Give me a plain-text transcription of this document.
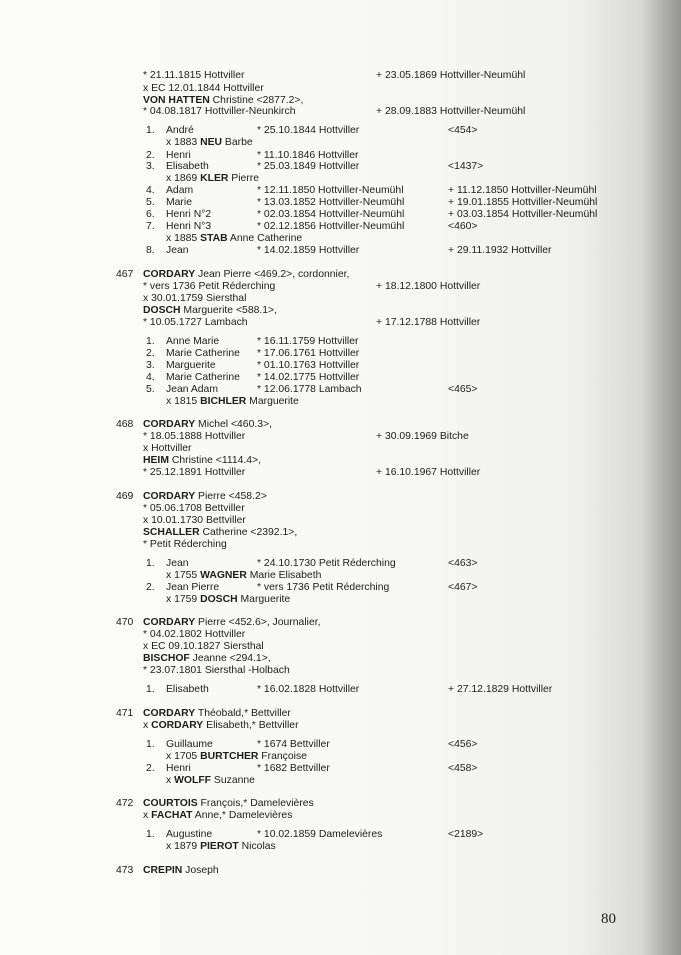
* 21.11.1815 Hottviller	+ 23.05.1869 Hottviller-Neumühl
x EC 12.01.1844 Hottviller
VON HATTEN Christine <2877.2>,
* 04.08.1817 Hottviller-Neunkirch	+ 28.09.1883 Hottviller-Neumühl
1. André	* 25.10.1844 Hottviller	<454>
x 1883 NEU Barbe
2. Henri	* 11.10.1846 Hottviller
3. Elisabeth	* 25.03.1849 Hottviller	<1437>
x 1869 KLER Pierre
4. Adam	* 12.11.1850 Hottviller-Neumühl	+ 11.12.1850 Hottviller-Neumühl
5. Marie	* 13.03.1852 Hottviller-Neumühl	+ 19.01.1855 Hottviller-Neumühl
6. Henri N°2	* 02.03.1854 Hottviller-Neumühl	+ 03.03.1854 Hottviller-Neumühl
7. Henri N°3	* 02.12.1856 Hottviller-Neumühl	<460>
x 1885 STAB Anne Catherine
8. Jean	* 14.02.1859 Hottviller	+ 29.11.1932 Hottviller
467 CORDARY Jean Pierre <469.2>, cordonnier,
* vers 1736 Petit Réderching	+ 18.12.1800 Hottviller
x 30.01.1759 Siersthal
DOSCH Marguerite <588.1>,
* 10.05.1727 Lambach	+ 17.12.1788 Hottviller
1. Anne Marie	* 16.11.1759 Hottviller
2. Marie Catherine * 17.06.1761 Hottviller
3. Marguerite	* 01.10.1763 Hottviller
4. Marie Catherine * 14.02.1775 Hottviller
5. Jean Adam	* 12.06.1778 Lambach	<465>
x 1815 BICHLER Marguerite
468 CORDARY Michel <460.3>,
* 18.05.1888 Hottviller	+ 30.09.1969 Bitche
x Hottviller
HEIM Christine <1114.4>,
* 25.12.1891 Hottviller	+ 16.10.1967 Hottviller
469 CORDARY Pierre <458.2>
* 05.06.1708 Bettviller
x 10.01.1730 Bettviller
SCHALLER Catherine <2392.1>,
* Petit Réderching
1. Jean	* 24.10.1730 Petit Réderching	<463>
x 1755 WAGNER Marie Elisabeth
2. Jean Pierre	* vers 1736 Petit Réderching	<467>
x 1759 DOSCH Marguerite
470 CORDARY Pierre <452.6>, Journalier,
* 04.02.1802 Hottviller
x EC 09.10.1827 Siersthal
BISCHOF Jeanne <294.1>,
* 23.07.1801 Siersthal -Holbach
1. Elisabeth	* 16.02.1828 Hottviller	+ 27.12.1829 Hottviller
471 CORDARY Théobald,* Bettviller
x CORDARY Elisabeth,* Bettviller
1. Guillaume	* 1674 Bettviller	<456>
x 1705 BURTCHER Françoise
2. Henri	* 1682 Bettviller	<458>
x WOLFF Suzanne
472 COURTOIS François,* Damelevières
x FACHAT Anne,* Damelevières
1. Augustine	* 10.02.1859 Damelevières	<2189>
x 1879 PIEROT Nicolas
473 CREPIN Joseph
80
